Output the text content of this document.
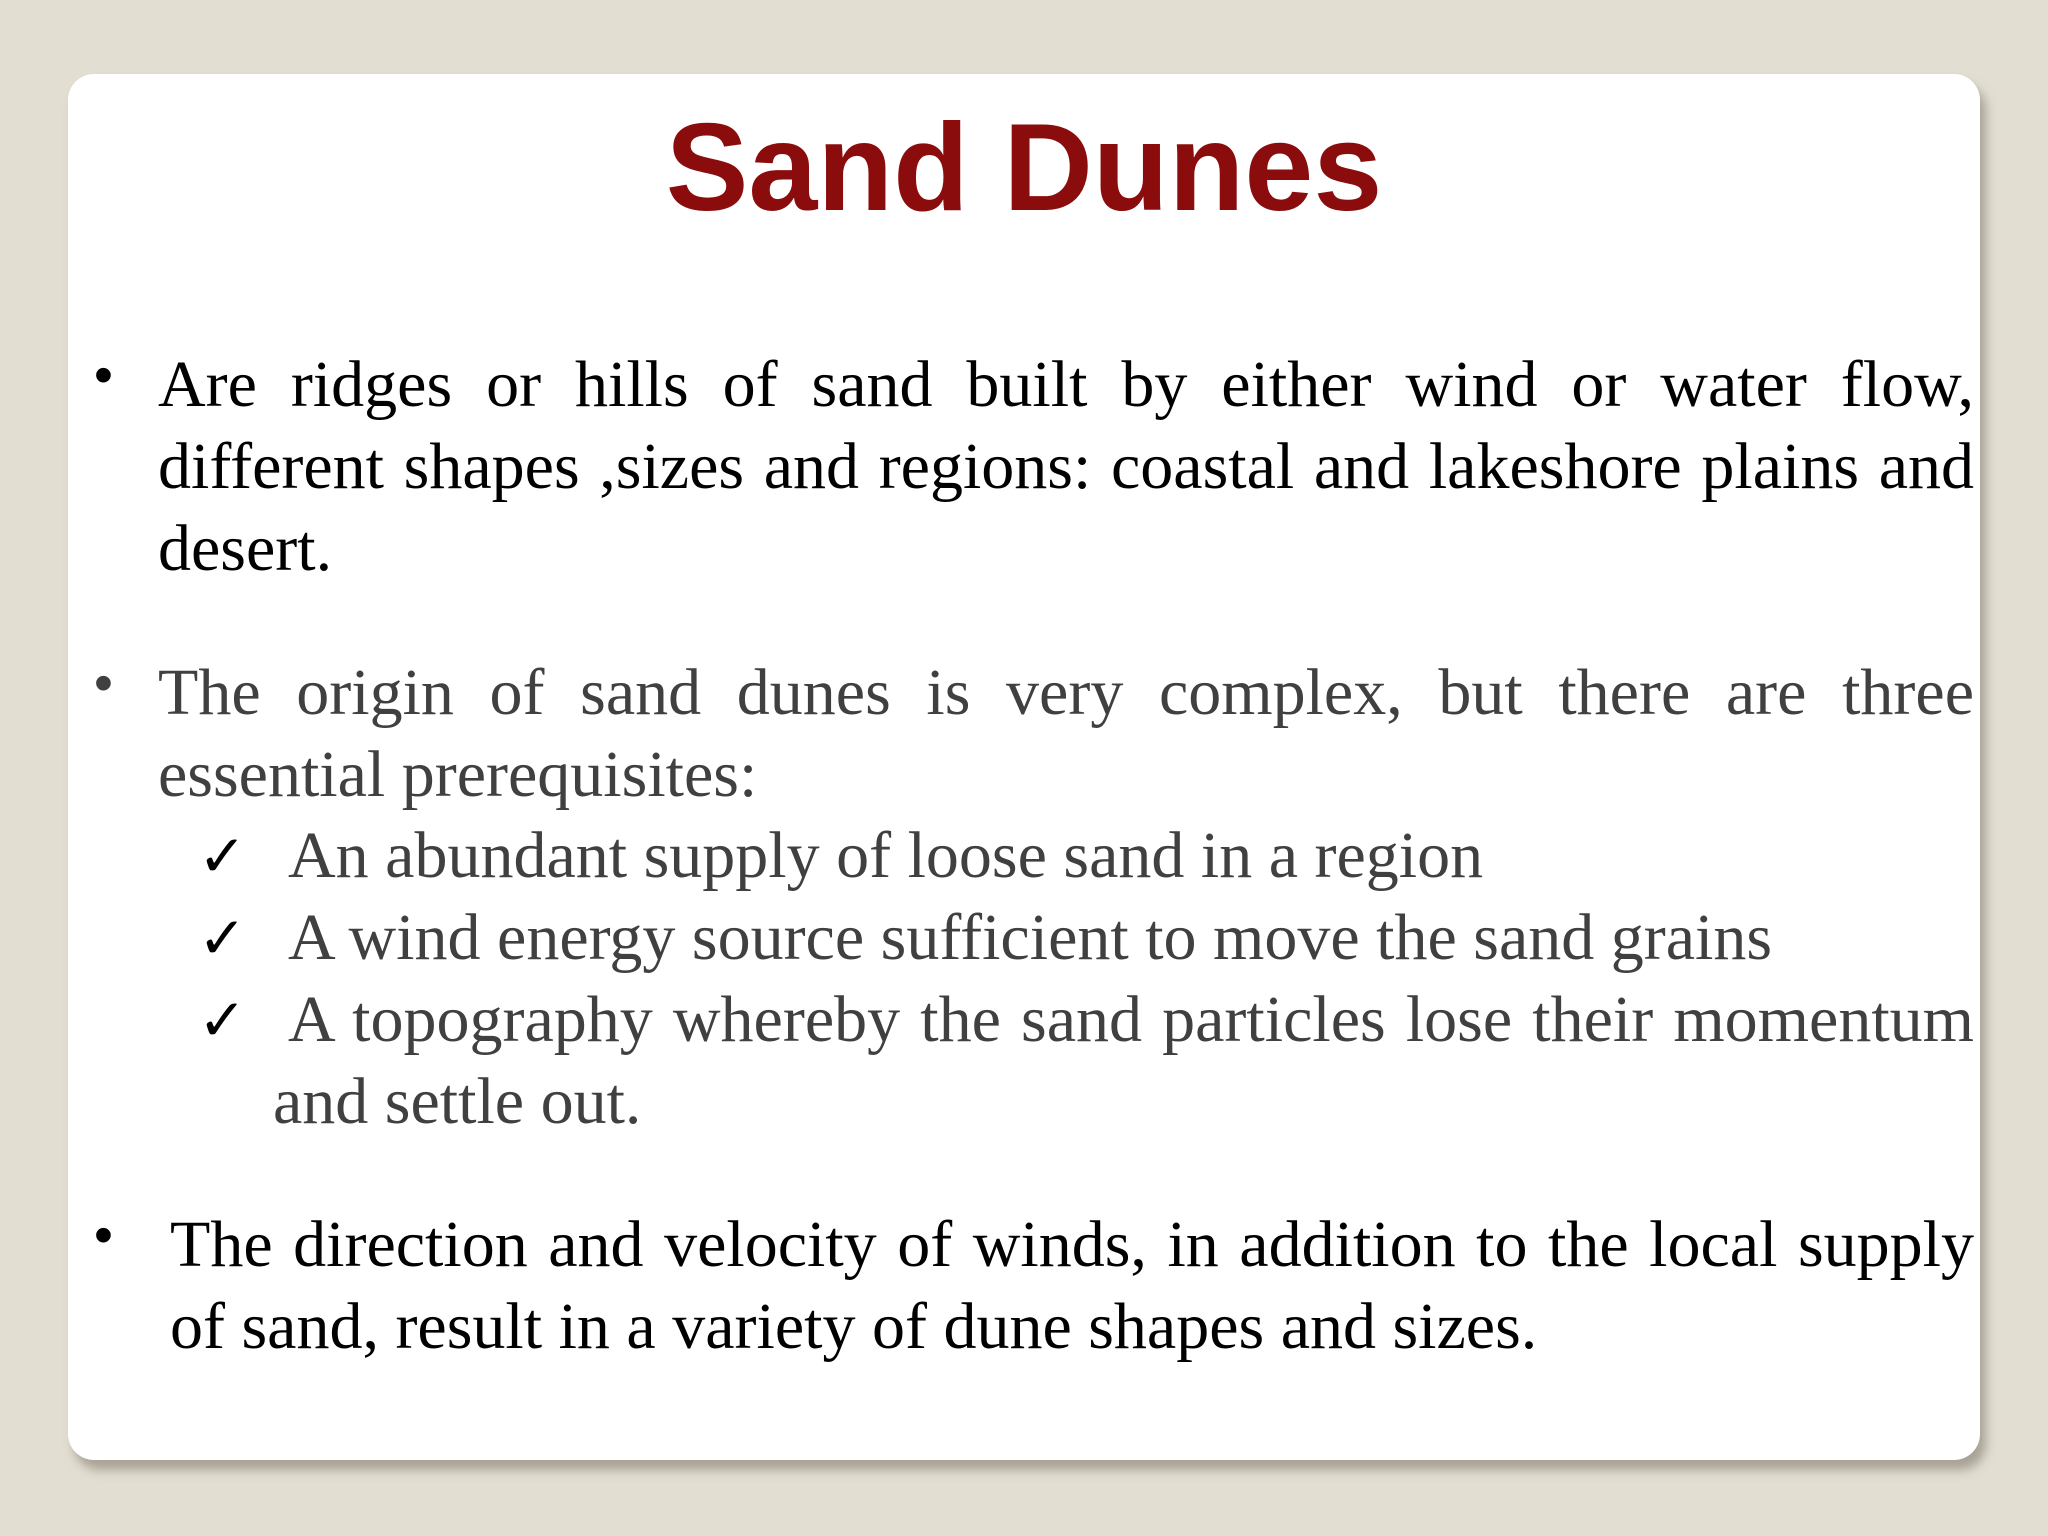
Sand Dunes
• Are ridges or hills of sand built by either wind or water flow, different shapes ,sizes and regions: coastal and lakeshore plains and desert.
• The origin of sand dunes is very complex, but there are three essential prerequisites:
✓ An abundant supply of loose sand in a region
✓ A wind energy source sufficient to move the sand grains
✓ A topography whereby the sand particles lose their momentum and settle out.
• The direction and velocity of winds, in addition to the local supply of sand, result in a variety of dune shapes and sizes.
